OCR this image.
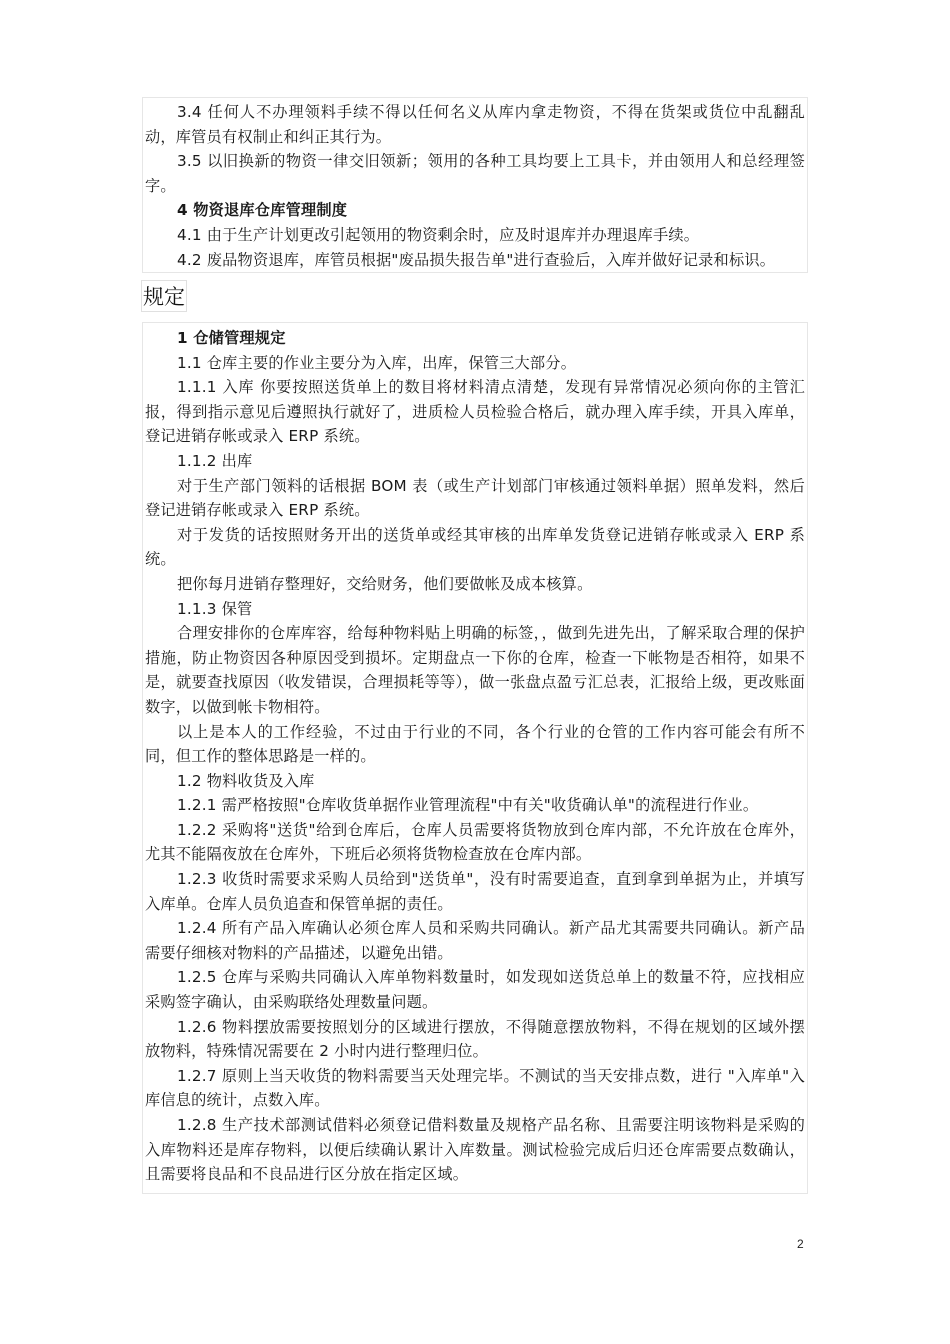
3.4 任何人不办理领料手续不得以任何名义从库内拿走物资，不得在货架或货位中乱翻乱动，库管员有权制止和纠正其行为。

3.5 以旧换新的物资一律交旧领新；领用的各种工具均要上工具卡，并由领用人和总经理签字。

4 物资退库仓库管理制度

4.1 由于生产计划更改引起领用的物资剩余时，应及时退库并办理退库手续。

4.2 废品物资退库，库管员根据"废品损失报告单"进行查验后，入库并做好记录和标识。

规定

1 仓储管理规定

1.1 仓库主要的作业主要分为入库，出库，保管三大部分。

1.1.1 入库 你要按照送货单上的数目将材料清点清楚，发现有异常情况必须向你的主管汇报，得到指示意见后遵照执行就好了，进质检人员检验合格后，就办理入库手续，开具入库单，登记进销存帐或录入 ERP 系统。

1.1.2 出库

对于生产部门领料的话根据 BOM 表（或生产计划部门审核通过领料单据）照单发料，然后登记进销存帐或录入 ERP 系统。

对于发货的话按照财务开出的送货单或经其审核的出库单发货登记进销存帐或录入 ERP 系统。

把你每月进销存整理好，交给财务，他们要做帐及成本核算。

1.1.3 保管

合理安排你的仓库库容，给每种物料贴上明确的标签，，做到先进先出，了解采取合理的保护措施，防止物资因各种原因受到损坏。定期盘点一下你的仓库，检查一下帐物是否相符，如果不是，就要查找原因（收发错误，合理损耗等等），做一张盘点盈亏汇总表，汇报给上级，更改账面数字，以做到帐卡物相符。

以上是本人的工作经验，不过由于行业的不同，各个行业的仓管的工作内容可能会有所不同，但工作的整体思路是一样的。

1.2 物料收货及入库

1.2.1 需严格按照"仓库收货单据作业管理流程"中有关"收货确认单"的流程进行作业。

1.2.2 采购将"送货"给到仓库后，仓库人员需要将货物放到仓库内部，不允许放在仓库外，尤其不能隔夜放在仓库外，下班后必须将货物检查放在仓库内部。

1.2.3 收货时需要求采购人员给到"送货单"，没有时需要追查，直到拿到单据为止，并填写入库单。仓库人员负追查和保管单据的责任。

1.2.4 所有产品入库确认必须仓库人员和采购共同确认。新产品尤其需要共同确认。新产品需要仔细核对物料的产品描述，以避免出错。

1.2.5 仓库与采购共同确认入库单物料数量时，如发现如送货总单上的数量不符，应找相应采购签字确认，由采购联络处理数量问题。

1.2.6 物料摆放需要按照划分的区域进行摆放，不得随意摆放物料，不得在规划的区域外摆放物料，特殊情况需要在 2 小时内进行整理归位。

1.2.7 原则上当天收货的物料需要当天处理完毕。不测试的当天安排点数，进行 "入库单"入库信息的统计，点数入库。

1.2.8 生产技术部测试借料必须登记借料数量及规格产品名称、且需要注明该物料是采购的入库物料还是库存物料，以便后续确认累计入库数量。测试检验完成后归还仓库需要点数确认，且需要将良品和不良品进行区分放在指定区域。

2
